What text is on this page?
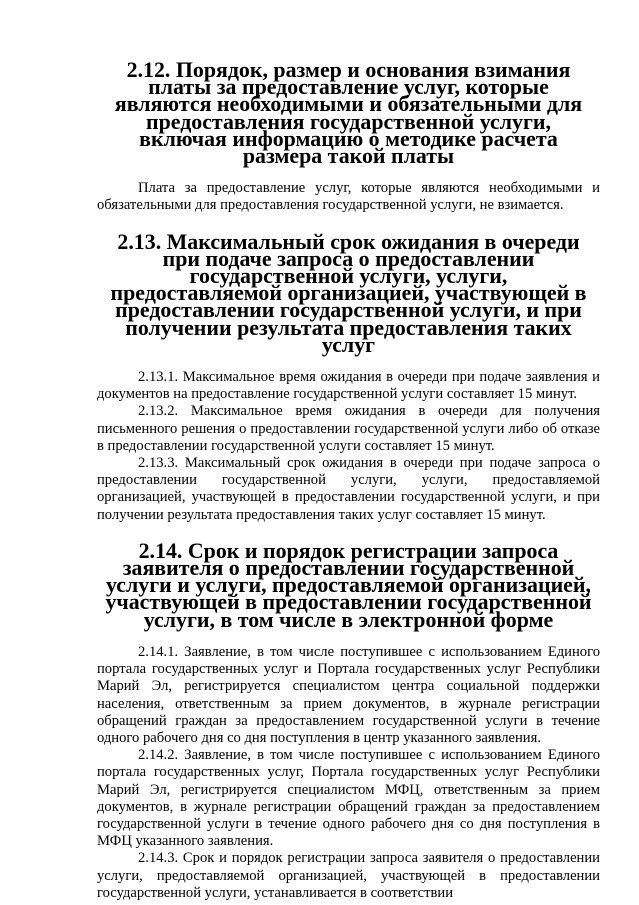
2.12. Порядок, размер и основания взимания платы за предоставление услуг, которые являются необходимыми и обязательными для предоставления государственной услуги, включая информацию о методике расчета размера такой платы

Плата за предоставление услуг, которые являются необходимыми и обязательными для предоставления государственной услуги, не взимается.

2.13. Максимальный срок ожидания в очереди при подаче запроса о предоставлении государственной услуги, услуги, предоставляемой организацией, участвующей в предоставлении государственной услуги, и при получении результата предоставления таких услуг

2.13.1. Максимальное время ожидания в очереди при подаче заявления и документов на предоставление государственной услуги составляет 15 минут.

2.13.2. Максимальное время ожидания в очереди для получения письменного решения о предоставлении государственной услуги либо об отказе в предоставлении государственной услуги составляет 15 минут.

2.13.3. Максимальный срок ожидания в очереди при подаче запроса о предоставлении государственной услуги, услуги, предоставляемой организацией, участвующей в предоставлении государственной услуги, и при получении результата предоставления таких услуг составляет 15 минут.

2.14. Срок и порядок регистрации запроса заявителя о предоставлении государственной услуги и услуги, предоставляемой организацией, участвующей в предоставлении государственной услуги, в том числе в электронной форме

2.14.1. Заявление, в том числе поступившее с использованием Единого портала государственных услуг и Портала государственных услуг Республики Марий Эл, регистрируется специалистом центра социальной поддержки населения, ответственным за прием документов, в журнале регистрации обращений граждан за предоставлением государственной услуги в течение одного рабочего дня со дня поступления в центр указанного заявления.

2.14.2. Заявление, в том числе поступившее с использованием Единого портала государственных услуг, Портала государственных услуг Республики Марий Эл, регистрируется специалистом МФЦ, ответственным за прием документов, в журнале регистрации обращений граждан за предоставлением государственной услуги в течение одного рабочего дня со дня поступления в МФЦ указанного заявления.

2.14.3. Срок и порядок регистрации запроса заявителя о предоставлении услуги, предоставляемой организацией, участвующей в предоставлении государственной услуги, устанавливается в соответствии
